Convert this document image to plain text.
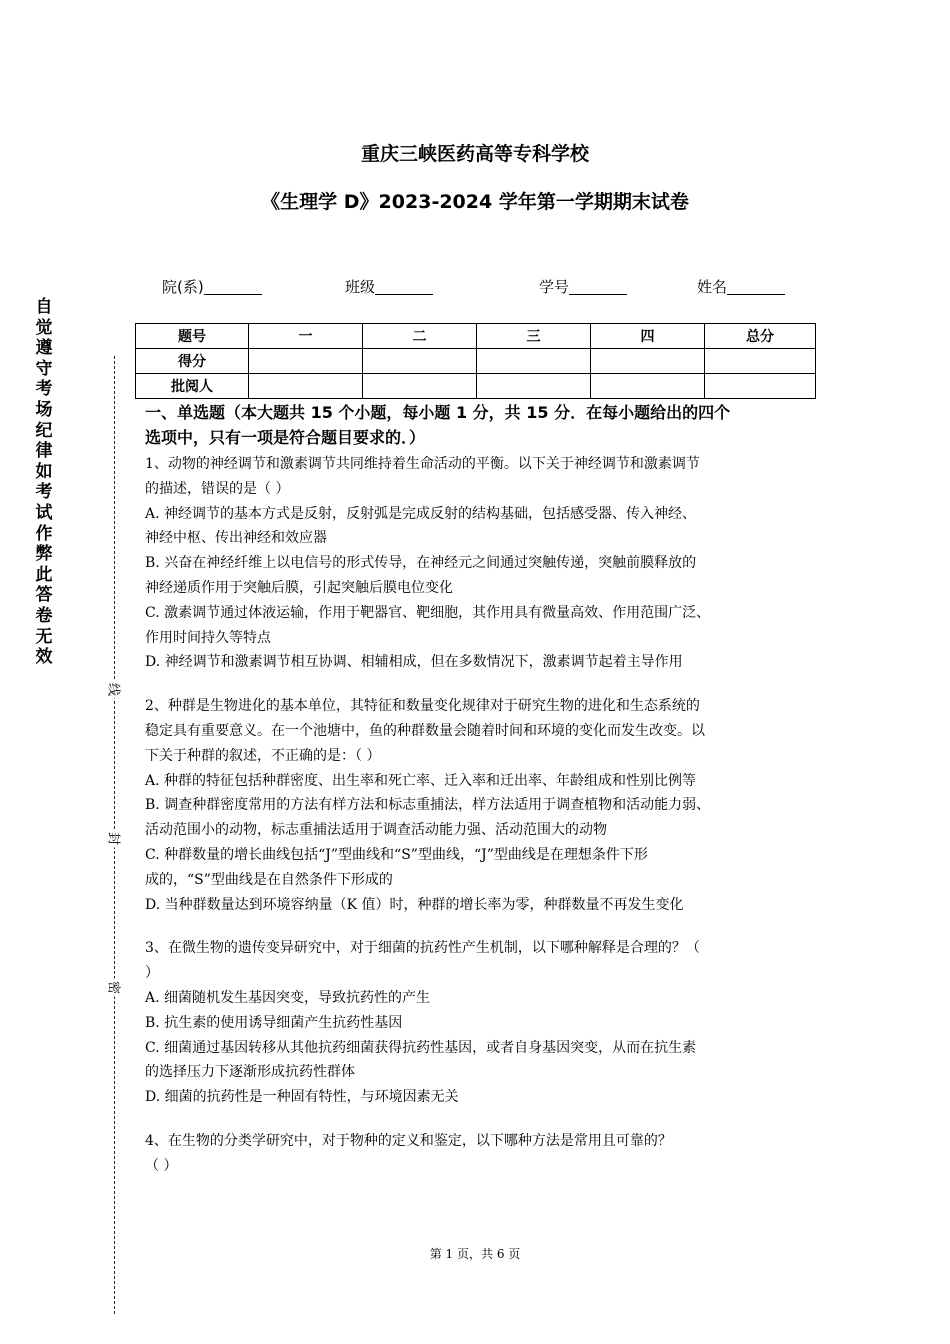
重庆三峡医药高等专科学校
《生理学 D》2023-2024 学年第一学期期末试卷
院(系)	班级	学号	姓名
题号	一	二	三	四	总分
得分					
批阅人					
自
觉
遵
守
考
场
纪
律
如
考
试
作
弊
此
答
卷
无
效
线
封
密
一、单选题（本大题共 15 个小题，每小题 1 分，共 15 分．在每小题给出的四个
选项中，只有一项是符合题目要求的．）
1、动物的神经调节和激素调节共同维持着生命活动的平衡。以下关于神经调节和激素调节
的描述，错误的是（ ）
A. 神经调节的基本方式是反射，反射弧是完成反射的结构基础，包括感受器、传入神经、
神经中枢、传出神经和效应器
B. 兴奋在神经纤维上以电信号的形式传导，在神经元之间通过突触传递，突触前膜释放的
神经递质作用于突触后膜，引起突触后膜电位变化
C. 激素调节通过体液运输，作用于靶器官、靶细胞，其作用具有微量高效、作用范围广泛、
作用时间持久等特点
D. 神经调节和激素调节相互协调、相辅相成，但在多数情况下，激素调节起着主导作用
2、种群是生物进化的基本单位，其特征和数量变化规律对于研究生物的进化和生态系统的
稳定具有重要意义。在一个池塘中，鱼的种群数量会随着时间和环境的变化而发生改变。以
下关于种群的叙述，不正确的是：（ ）
A. 种群的特征包括种群密度、出生率和死亡率、迁入率和迁出率、年龄组成和性别比例等
B. 调查种群密度常用的方法有样方法和标志重捕法，样方法适用于调查植物和活动能力弱、
活动范围小的动物，标志重捕法适用于调查活动能力强、活动范围大的动物
C. 种群数量的增长曲线包括“J”型曲线和“S”型曲线，“J”型曲线是在理想条件下形
成的，“S”型曲线是在自然条件下形成的
D. 当种群数量达到环境容纳量（K 值）时，种群的增长率为零，种群数量不再发生变化
3、在微生物的遗传变异研究中，对于细菌的抗药性产生机制，以下哪种解释是合理的？（
）
A. 细菌随机发生基因突变，导致抗药性的产生
B. 抗生素的使用诱导细菌产生抗药性基因
C. 细菌通过基因转移从其他抗药细菌获得抗药性基因，或者自身基因突变，从而在抗生素
的选择压力下逐渐形成抗药性群体
D. 细菌的抗药性是一种固有特性，与环境因素无关
4、在生物的分类学研究中，对于物种的定义和鉴定，以下哪种方法是常用且可靠的？
（ ）
第 1 页，共 6 页
